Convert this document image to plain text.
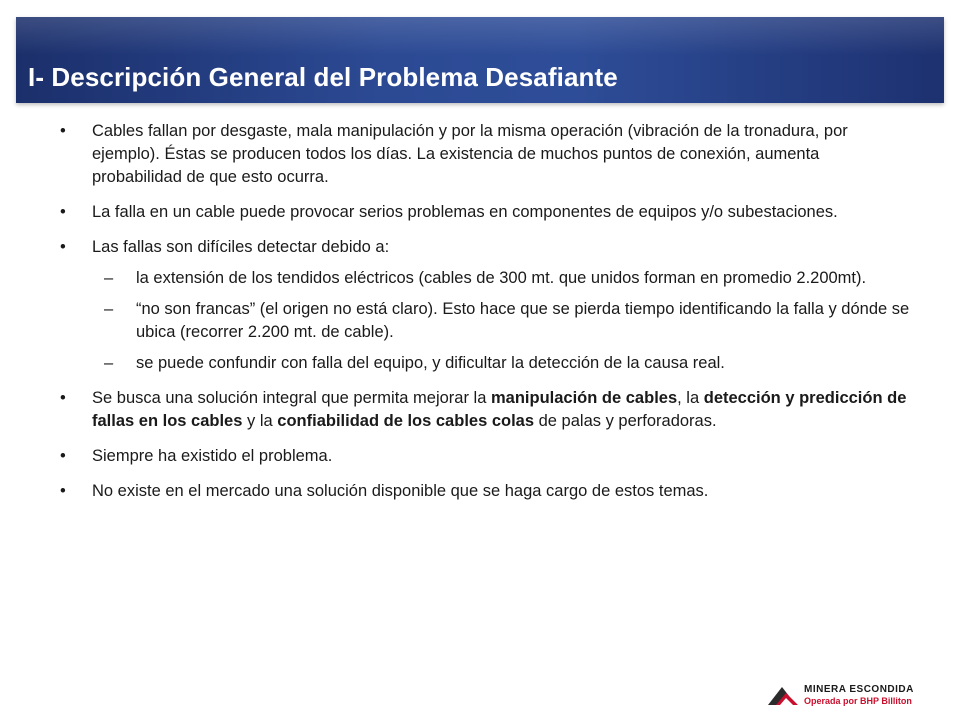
I- Descripción General del Problema Desafiante
• Cables fallan por desgaste, mala manipulación y por la misma operación (vibración de la tronadura, por ejemplo). Éstas se producen todos los días. La existencia de muchos puntos de conexión, aumenta probabilidad de que esto ocurra.
• La falla en un cable puede provocar serios problemas en componentes de equipos y/o subestaciones.
• Las fallas son difíciles detectar debido a:
– la extensión de los tendidos eléctricos (cables de 300 mt. que unidos forman en promedio 2.200mt).
– “no son francas” (el origen no está claro). Esto hace que se pierda tiempo identificando la falla y dónde se ubica (recorrer 2.200 mt. de cable).
– se puede confundir con falla del equipo, y dificultar la detección de la causa real.
• Se busca una solución integral que permita mejorar la manipulación de cables, la detección y predicción de fallas en los cables y la confiabilidad de los cables colas de palas y perforadoras.
• Siempre ha existido el problema.
• No existe en el mercado una solución disponible que se haga cargo de estos temas.
MINERA ESCONDIDA
Operada por BHP Billiton
